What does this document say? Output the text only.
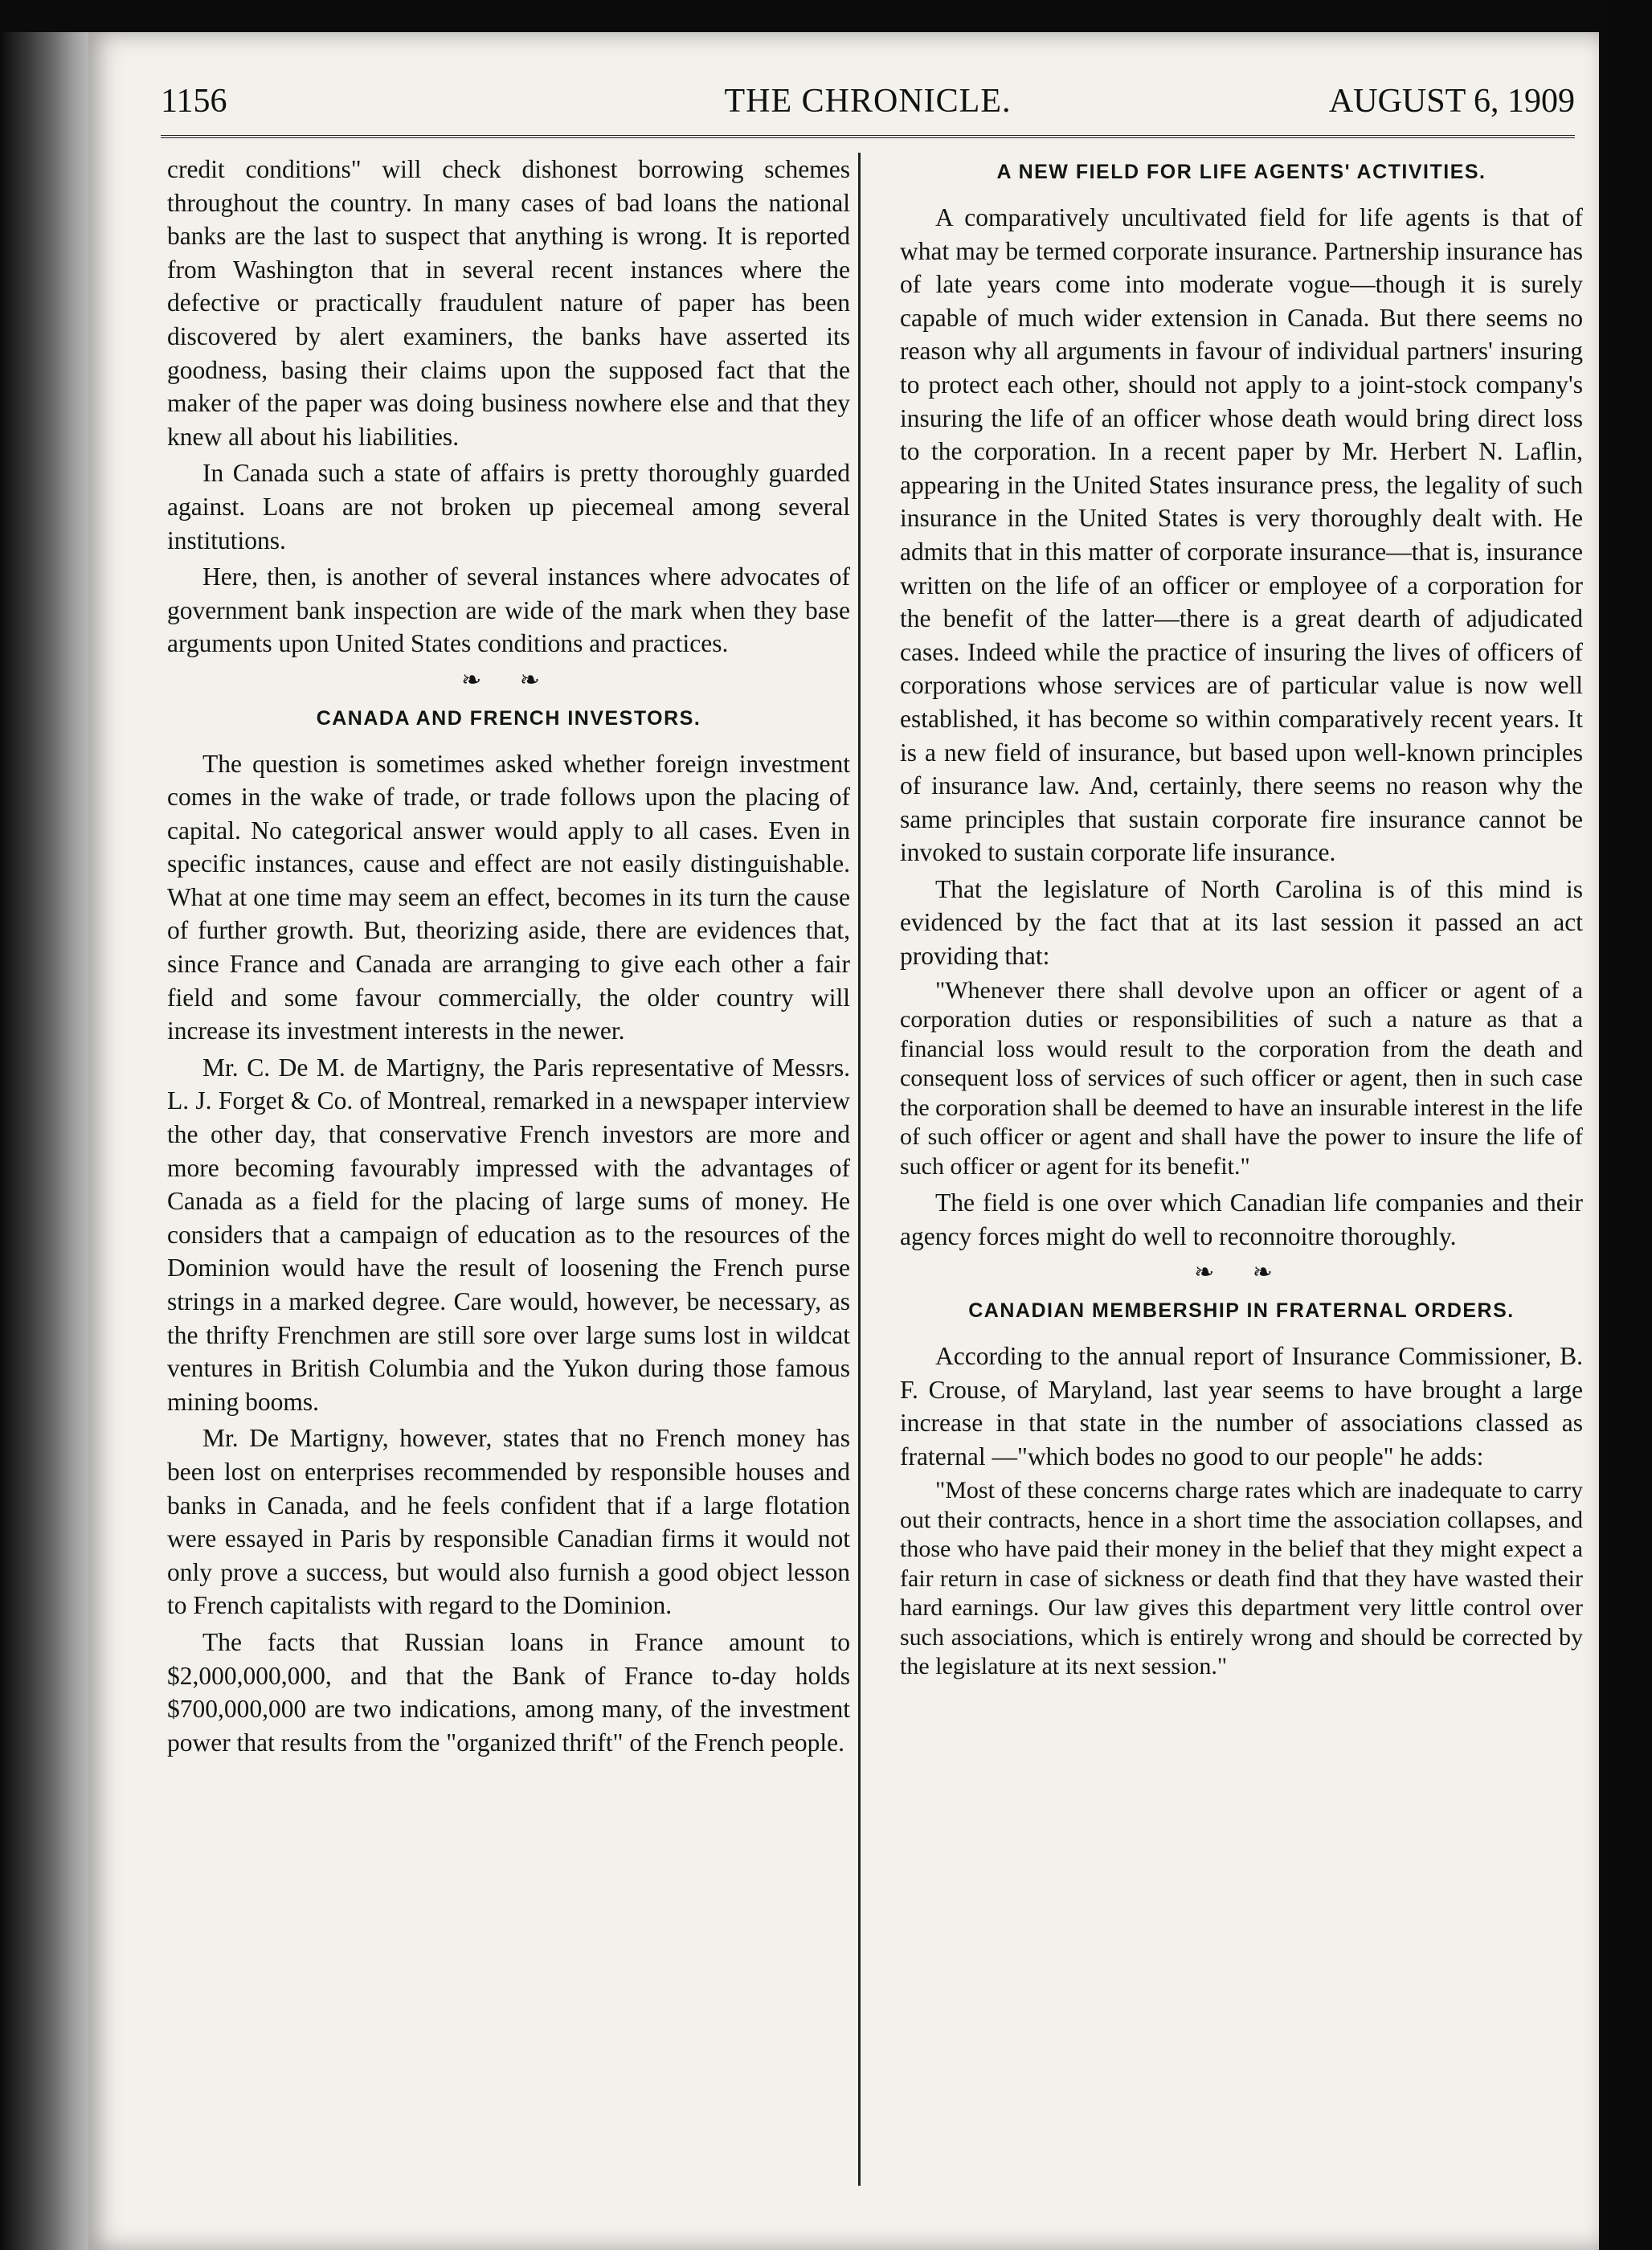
1156	THE CHRONICLE.	AUGUST 6, 1909

credit conditions" will check dishonest borrowing schemes throughout the country. In many cases of bad loans the national banks are the last to suspect that anything is wrong. It is reported from Washington that in several recent instances where the defective or practically fraudulent nature of paper has been discovered by alert examiners, the banks have asserted its goodness, basing their claims upon the supposed fact that the maker of the paper was doing business nowhere else and that they knew all about his liabilities.

In Canada such a state of affairs is pretty thoroughly guarded against. Loans are not broken up piecemeal among several institutions.

Here, then, is another of several instances where advocates of government bank inspection are wide of the mark when they base arguments upon United States conditions and practices.

❧ ❧
CANADA AND FRENCH INVESTORS.

The question is sometimes asked whether foreign investment comes in the wake of trade, or trade follows upon the placing of capital. No categorical answer would apply to all cases. Even in specific instances, cause and effect are not easily distinguishable. What at one time may seem an effect, becomes in its turn the cause of further growth. But, theorizing aside, there are evidences that, since France and Canada are arranging to give each other a fair field and some favour commercially, the older country will increase its investment interests in the newer.

Mr. C. De M. de Martigny, the Paris representative of Messrs. L. J. Forget & Co. of Montreal, remarked in a newspaper interview the other day, that conservative French investors are more and more becoming favourably impressed with the advantages of Canada as a field for the placing of large sums of money. He considers that a campaign of education as to the resources of the Dominion would have the result of loosening the French purse strings in a marked degree. Care would, however, be necessary, as the thrifty Frenchmen are still sore over large sums lost in wildcat ventures in British Columbia and the Yukon during those famous mining booms.

Mr. De Martigny, however, states that no French money has been lost on enterprises recommended by responsible houses and banks in Canada, and he feels confident that if a large flotation were essayed in Paris by responsible Canadian firms it would not only prove a success, but would also furnish a good object lesson to French capitalists with regard to the Dominion.

The facts that Russian loans in France amount to $2,000,000,000, and that the Bank of France to-day holds $700,000,000 are two indications, among many, of the investment power that results from the "organized thrift" of the French people.

A NEW FIELD FOR LIFE AGENTS' ACTIVITIES.

A comparatively uncultivated field for life agents is that of what may be termed corporate insurance. Partnership insurance has of late years come into moderate vogue—though it is surely capable of much wider extension in Canada. But there seems no reason why all arguments in favour of individual partners' insuring to protect each other, should not apply to a joint-stock company's insuring the life of an officer whose death would bring direct loss to the corporation. In a recent paper by Mr. Herbert N. Laflin, appearing in the United States insurance press, the legality of such insurance in the United States is very thoroughly dealt with. He admits that in this matter of corporate insurance—that is, insurance written on the life of an officer or employee of a corporation for the benefit of the latter—there is a great dearth of adjudicated cases. Indeed while the practice of insuring the lives of officers of corporations whose services are of particular value is now well established, it has become so within comparatively recent years. It is a new field of insurance, but based upon well-known principles of insurance law. And, certainly, there seems no reason why the same principles that sustain corporate fire insurance cannot be invoked to sustain corporate life insurance.

That the legislature of North Carolina is of this mind is evidenced by the fact that at its last session it passed an act providing that:

"Whenever there shall devolve upon an officer or agent of a corporation duties or responsibilities of such a nature as that a financial loss would result to the corporation from the death and consequent loss of services of such officer or agent, then in such case the corporation shall be deemed to have an insurable interest in the life of such officer or agent and shall have the power to insure the life of such officer or agent for its benefit."

The field is one over which Canadian life companies and their agency forces might do well to reconnoitre thoroughly.

❧ ❧
CANADIAN MEMBERSHIP IN FRATERNAL ORDERS.

According to the annual report of Insurance Commissioner, B. F. Crouse, of Maryland, last year seems to have brought a large increase in that state in the number of associations classed as fraternal —"which bodes no good to our people" he adds:

"Most of these concerns charge rates which are inadequate to carry out their contracts, hence in a short time the association collapses, and those who have paid their money in the belief that they might expect a fair return in case of sickness or death find that they have wasted their hard earnings. Our law gives this department very little control over such associations, which is entirely wrong and should be corrected by the legislature at its next session."
